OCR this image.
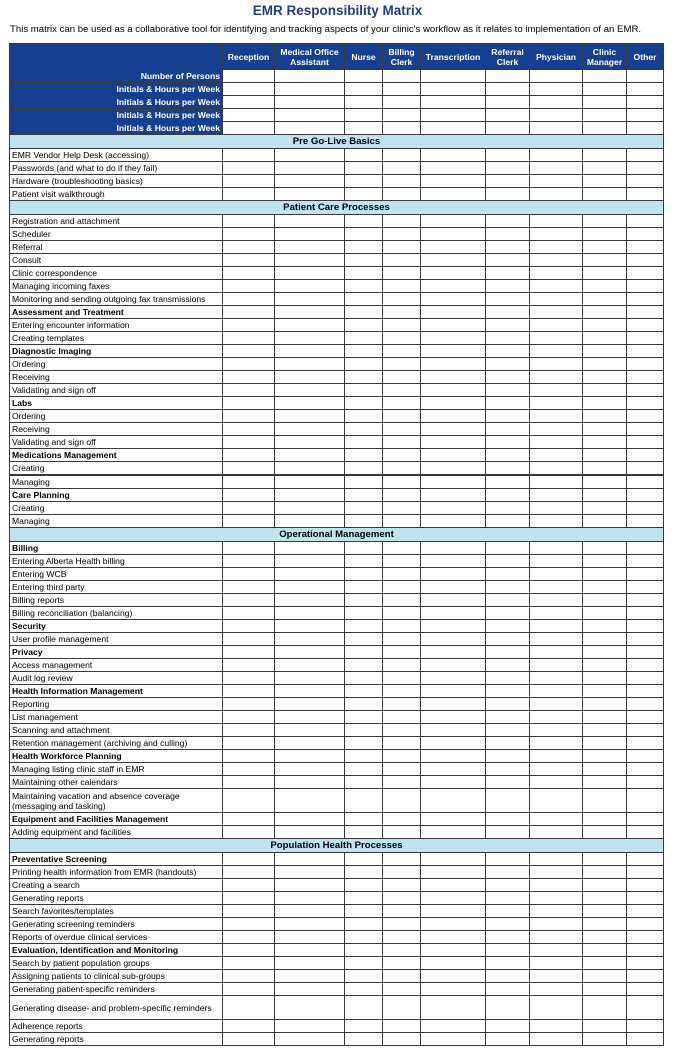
EMR Responsibility Matrix
This matrix can be used as a collaborative tool for identifying and tracking aspects of your clinic's workflow as it relates to implementation of an EMR.
	Reception	Medical Office Assistant	Nurse	Billing Clerk	Transcription	Referral Clerk	Physician	Clinic Manager	Other
Number of Persons									
Initials & Hours per Week									
Initials & Hours per Week									
Initials & Hours per Week									
Initials & Hours per Week									
Pre Go-Live Basics									
EMR Vendor Help Desk (accessing)									
Passwords (and what to do if they fail)									
Hardware (troubleshooting basics)									
Patient visit walkthrough									
Patient Care Processes									
Registration and attachment									
Scheduler									
Referral									
Consult									
Clinic correspondence									
Managing incoming faxes									
Monitoring and sending outgoing fax transmissions									
Assessment and Treatment									
Entering encounter information									
Creating templates									
Diagnostic Imaging									
Ordering									
Receiving									
Validating and sign off									
Labs									
Ordering									
Receiving									
Validating and sign off									
Medications Management									
Creating									
Managing									
Care Planning									
Creating									
Managing									
Operational Management									
Billing									
Entering Alberta Health billing									
Entering WCB									
Entering third party									
Billing reports									
Billing reconciliation (balancing)									
Security									
User profile management									
Privacy									
Access management									
Audit log review									
Health Information Management									
Reporting									
List management									
Scanning and attachment									
Retention management (archiving and culling)									
Health Workforce Planning									
Managing listing clinic staff in EMR									
Maintaining other calendars									
Maintaining vacation and absence coverage (messaging and tasking)									
Equipment and Facilities Management									
Adding equipment and facilities									
Population Health Processes									
Preventative Screening									
Printing health information from EMR (handouts)									
Creating a search									
Generating reports									
Search favorites/templates									
Generating screening reminders									
Reports of overdue clinical services									
Evaluation, Identification and Monitoring									
Search by patient population groups									
Assigning patients to clinical sub-groups									
Generating patient-specific reminders									
Generating disease- and problem-specific reminders									
Adherence reports									
Generating reports									
